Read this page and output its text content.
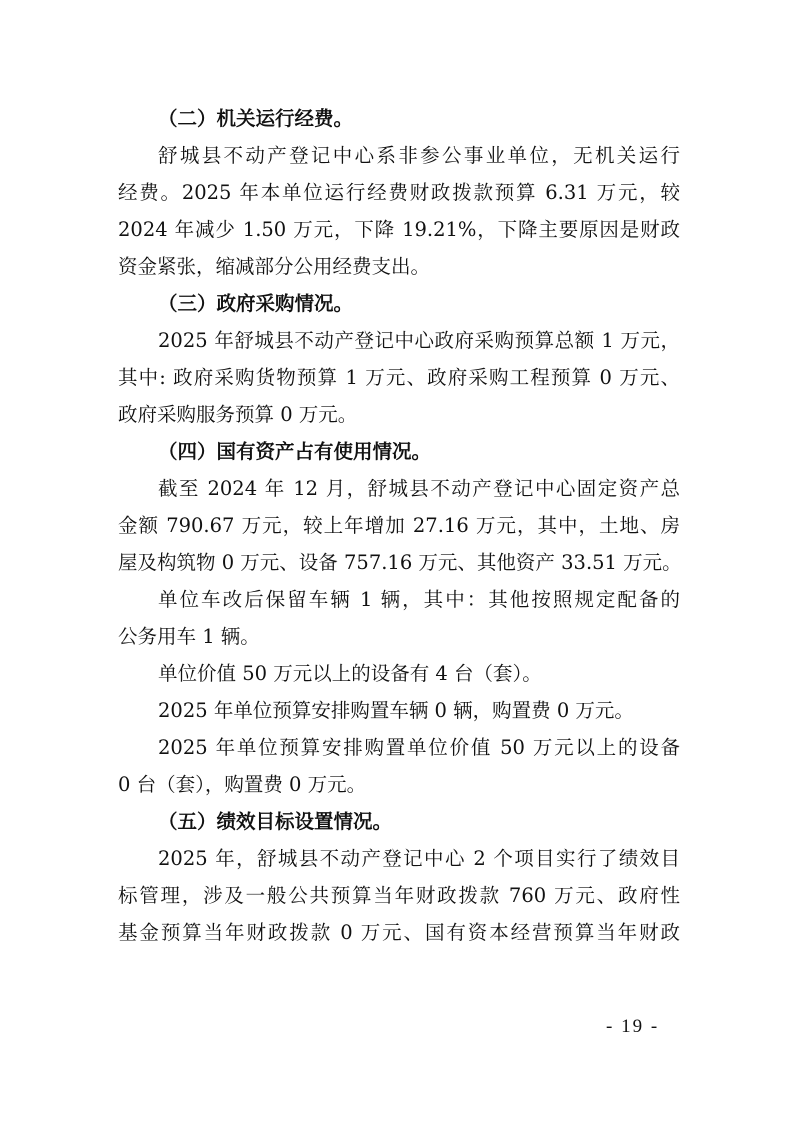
（二）机关运行经费。
舒城县不动产登记中心系非参公事业单位，无机关运行
经费。2025 年本单位运行经费财政拨款预算 6.31 万元，较
2024 年减少 1.50 万元，下降 19.21%，下降主要原因是财政
资金紧张，缩减部分公用经费支出。
（三）政府采购情况。
2025 年舒城县不动产登记中心政府采购预算总额 1 万元，
其中: 政府采购货物预算 1 万元、政府采购工程预算 0 万元、
政府采购服务预算 0 万元。
（四）国有资产占有使用情况。
截至 2024 年 12 月，舒城县不动产登记中心固定资产总
金额 790.67 万元，较上年增加 27.16 万元，其中，土地、房
屋及构筑物 0 万元、设备 757.16 万元、其他资产 33.51 万元。
单位车改后保留车辆 1 辆，其中：其他按照规定配备的
公务用车 1 辆。
单位价值 50 万元以上的设备有 4 台（套）。
2025 年单位预算安排购置车辆 0 辆，购置费 0 万元。
2025 年单位预算安排购置单位价值 50 万元以上的设备
0 台（套），购置费 0 万元。
（五）绩效目标设置情况。
2025 年，舒城县不动产登记中心 2 个项目实行了绩效目
标管理，涉及一般公共预算当年财政拨款 760 万元、政府性
基金预算当年财政拨款 0 万元、国有资本经营预算当年财政
- 19 -
